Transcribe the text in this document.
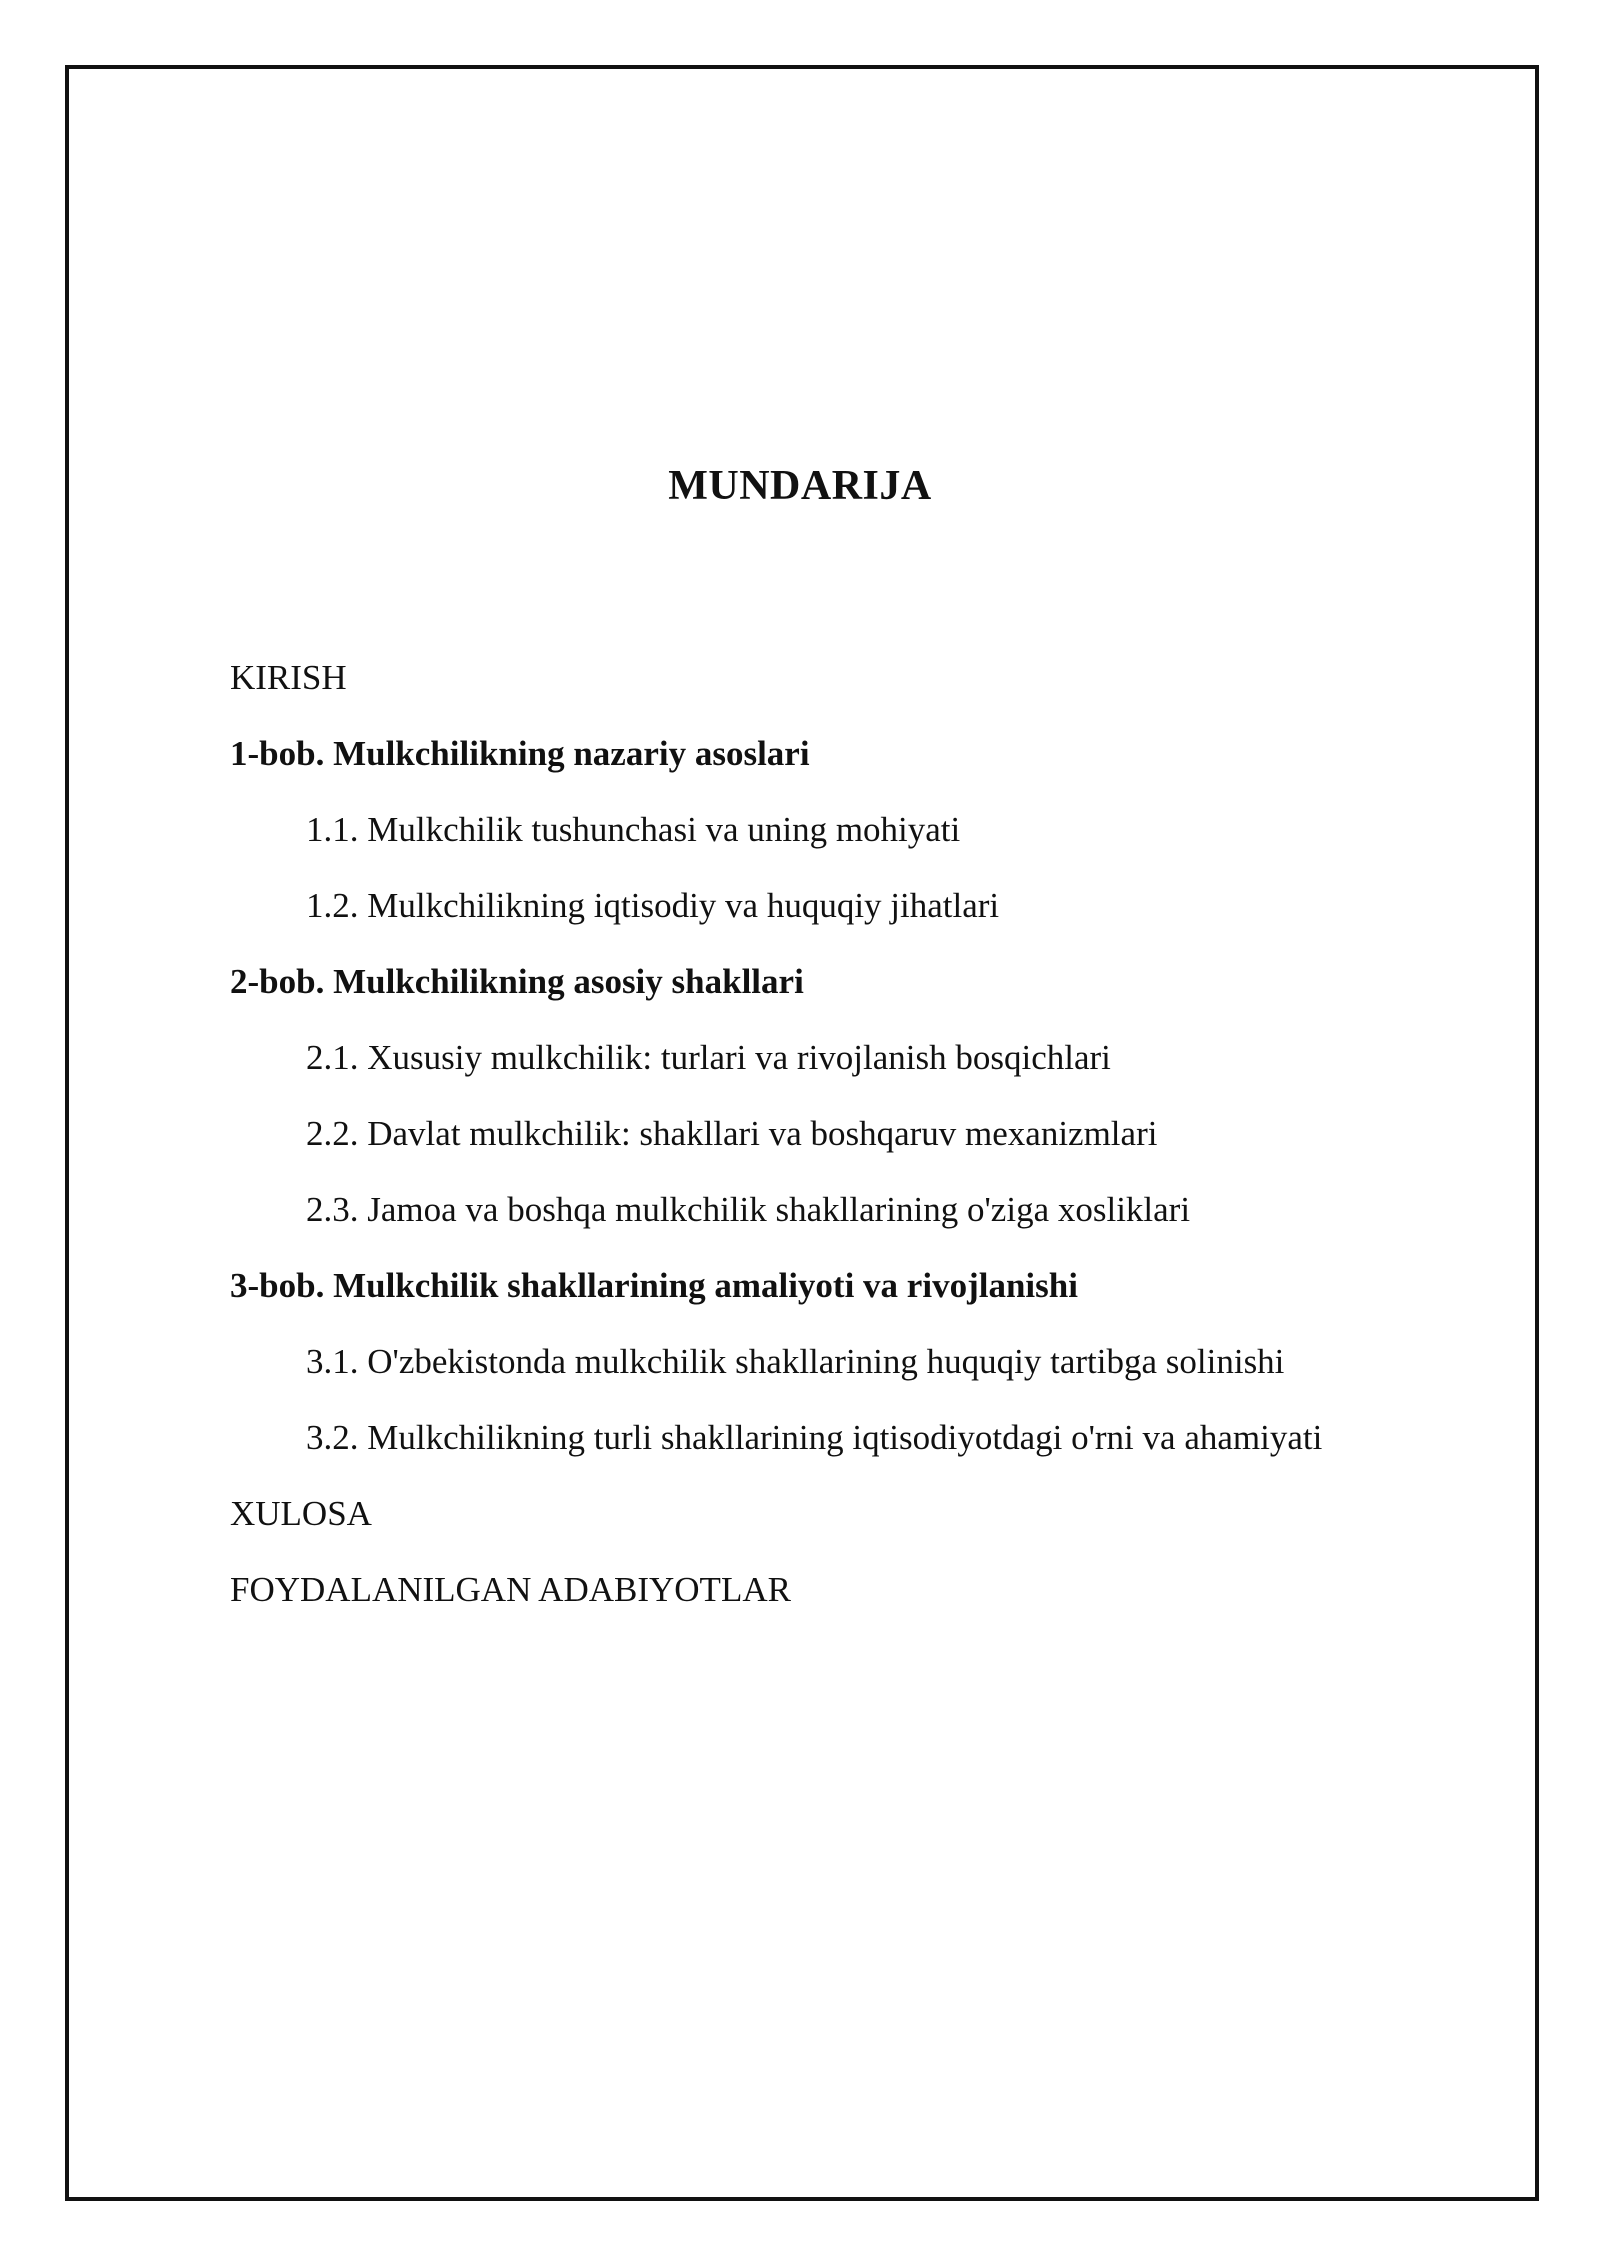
MUNDARIJA
KIRISH
1-bob. Mulkchilikning nazariy asoslari
1.1. Mulkchilik tushunchasi va uning mohiyati
1.2. Mulkchilikning iqtisodiy va huquqiy jihatlari
2-bob. Mulkchilikning asosiy shakllari
2.1. Xususiy mulkchilik: turlari va rivojlanish bosqichlari
2.2. Davlat mulkchilik: shakllari va boshqaruv mexanizmlari
2.3. Jamoa va boshqa mulkchilik shakllarining o'ziga xosliklari
3-bob. Mulkchilik shakllarining amaliyoti va rivojlanishi
3.1. O'zbekistonda mulkchilik shakllarining huquqiy tartibga solinishi
3.2. Mulkchilikning turli shakllarining iqtisodiyotdagi o'rni va ahamiyati
XULOSA
FOYDALANILGAN ADABIYOTLAR
